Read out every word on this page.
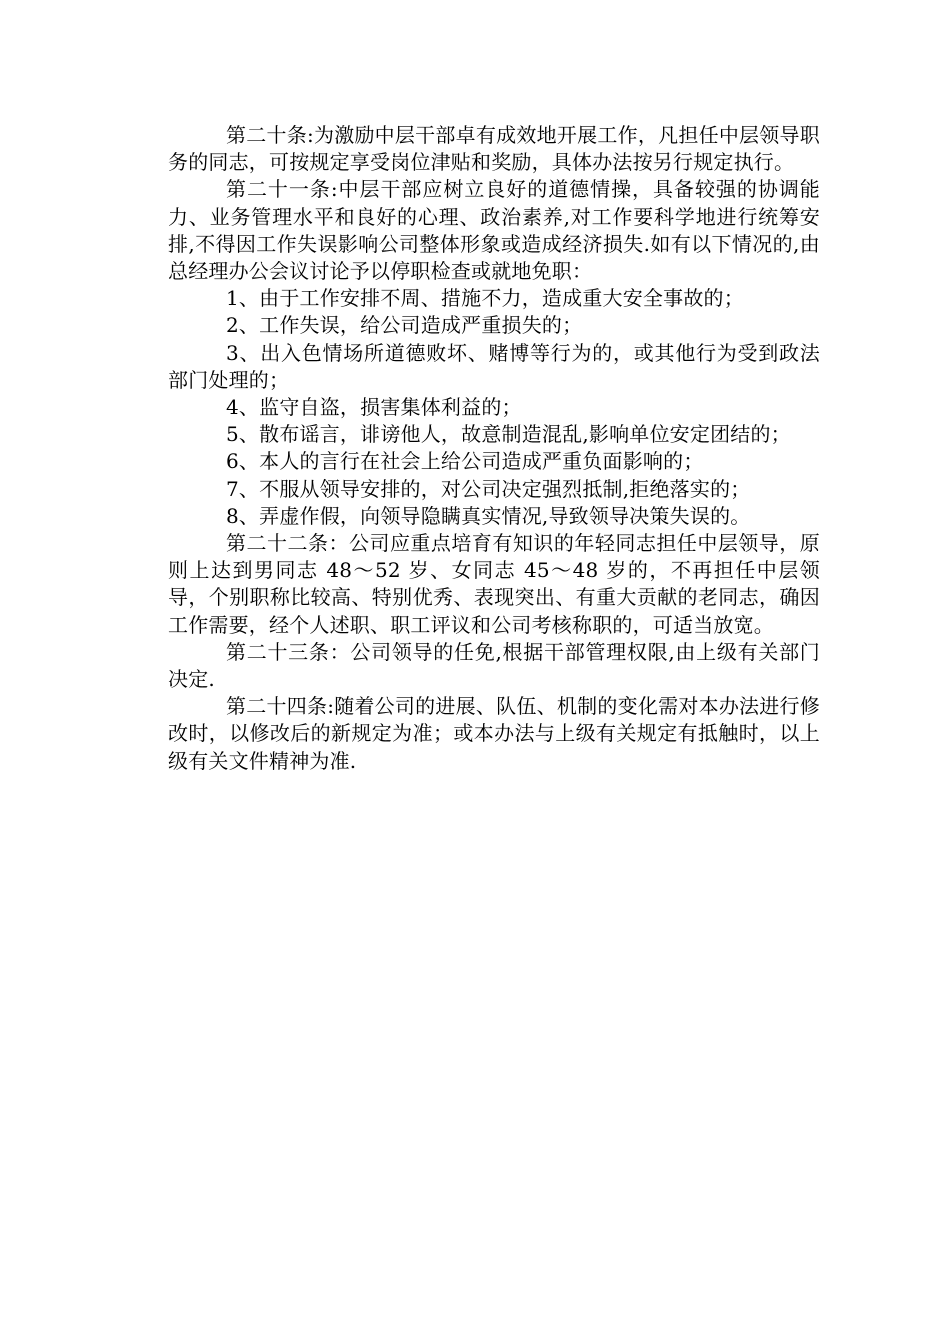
第二十条:为激励中层干部卓有成效地开展工作，凡担任中层领导职务的同志，可按规定享受岗位津贴和奖励，具体办法按另行规定执行。

第二十一条:中层干部应树立良好的道德情操，具备较强的协调能力、业务管理水平和良好的心理、政治素养,对工作要科学地进行统筹安排,不得因工作失误影响公司整体形象或造成经济损失.如有以下情况的,由总经理办公会议讨论予以停职检查或就地免职：

1、由于工作安排不周、措施不力，造成重大安全事故的；

2、工作失误，给公司造成严重损失的；

3、出入色情场所道德败坏、赌博等行为的，或其他行为受到政法部门处理的；

4、监守自盗，损害集体利益的；

5、散布谣言，诽谤他人，故意制造混乱,影响单位安定团结的；

6、本人的言行在社会上给公司造成严重负面影响的；

7、不服从领导安排的，对公司决定强烈抵制,拒绝落实的；

8、弄虚作假，向领导隐瞒真实情况,导致领导决策失误的。

第二十二条：公司应重点培育有知识的年轻同志担任中层领导，原则上达到男同志 48～52 岁、女同志 45～48 岁的，不再担任中层领导，个别职称比较高、特别优秀、表现突出、有重大贡献的老同志，确因工作需要，经个人述职、职工评议和公司考核称职的，可适当放宽。

第二十三条：公司领导的任免,根据干部管理权限,由上级有关部门决定.

第二十四条:随着公司的进展、队伍、机制的变化需对本办法进行修改时，以修改后的新规定为准；或本办法与上级有关规定有抵触时，以上级有关文件精神为准.
